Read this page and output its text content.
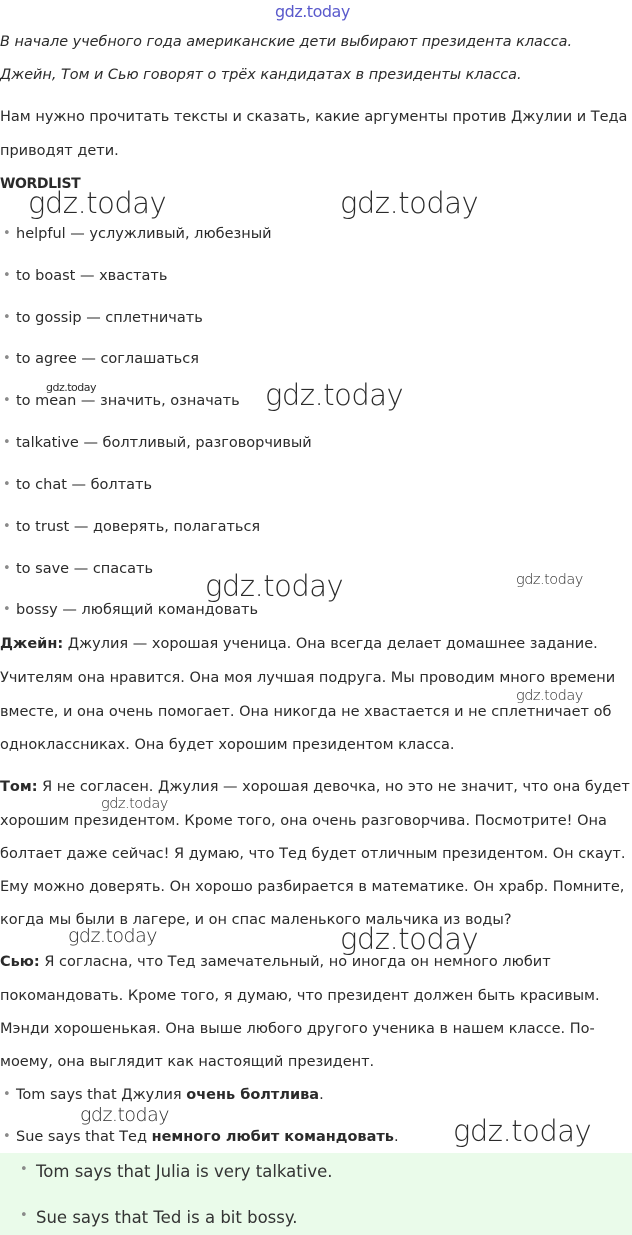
gdz.today
В начале учебного года американские дети выбирают президента класса.
Джейн, Том и Сью говорят о трёх кандидатах в президенты класса.
Нам нужно прочитать тексты и сказать, какие аргументы против Джулии и Теда
приводят дети.
WORDLIST
gdz.today	gdz.today
• helpful — услужливый, любезный
• to boast — хвастать
• to gossip — сплетничать
• to agree — соглашаться
• to mean — значить, означать
• talkative — болтливый, разговорчивый
• to chat — болтать
• to trust — доверять, полагаться
• to save — спасать
• bossy — любящий командовать
gdz.today	gdz.today
gdz.today	gdz.today
Джейн: Джулия — хорошая ученица. Она всегда делает домашнее задание.
Учителям она нравится. Она моя лучшая подруга. Мы проводим много времени
вместе, и она очень помогает. Она никогда не хвастается и не сплетничает об
одноклассниках. Она будет хорошим президентом класса.
gdz.today
Том: Я не согласен. Джулия — хорошая девочка, но это не значит, что она будет
хорошим президентом. Кроме того, она очень разговорчива. Посмотрите! Она
болтает даже сейчас! Я думаю, что Тед будет отличным президентом. Он скаут.
Ему можно доверять. Он хорошо разбирается в математике. Он храбр. Помните,
когда мы были в лагере, и он спас маленького мальчика из воды?
gdz.today
gdz.today	gdz.today
Сью: Я согласна, что Тед замечательный, но иногда он немного любит
покомандовать. Кроме того, я думаю, что президент должен быть красивым.
Мэнди хорошенькая. Она выше любого другого ученика в нашем классе. По-
моему, она выглядит как настоящий президент.
• Tom says that Джулия очень болтлива.
gdz.today
• Sue says that Тед немного любит командовать. gdz.today
• Tom says that Julia is very talkative.
• Sue says that Ted is a bit bossy.
